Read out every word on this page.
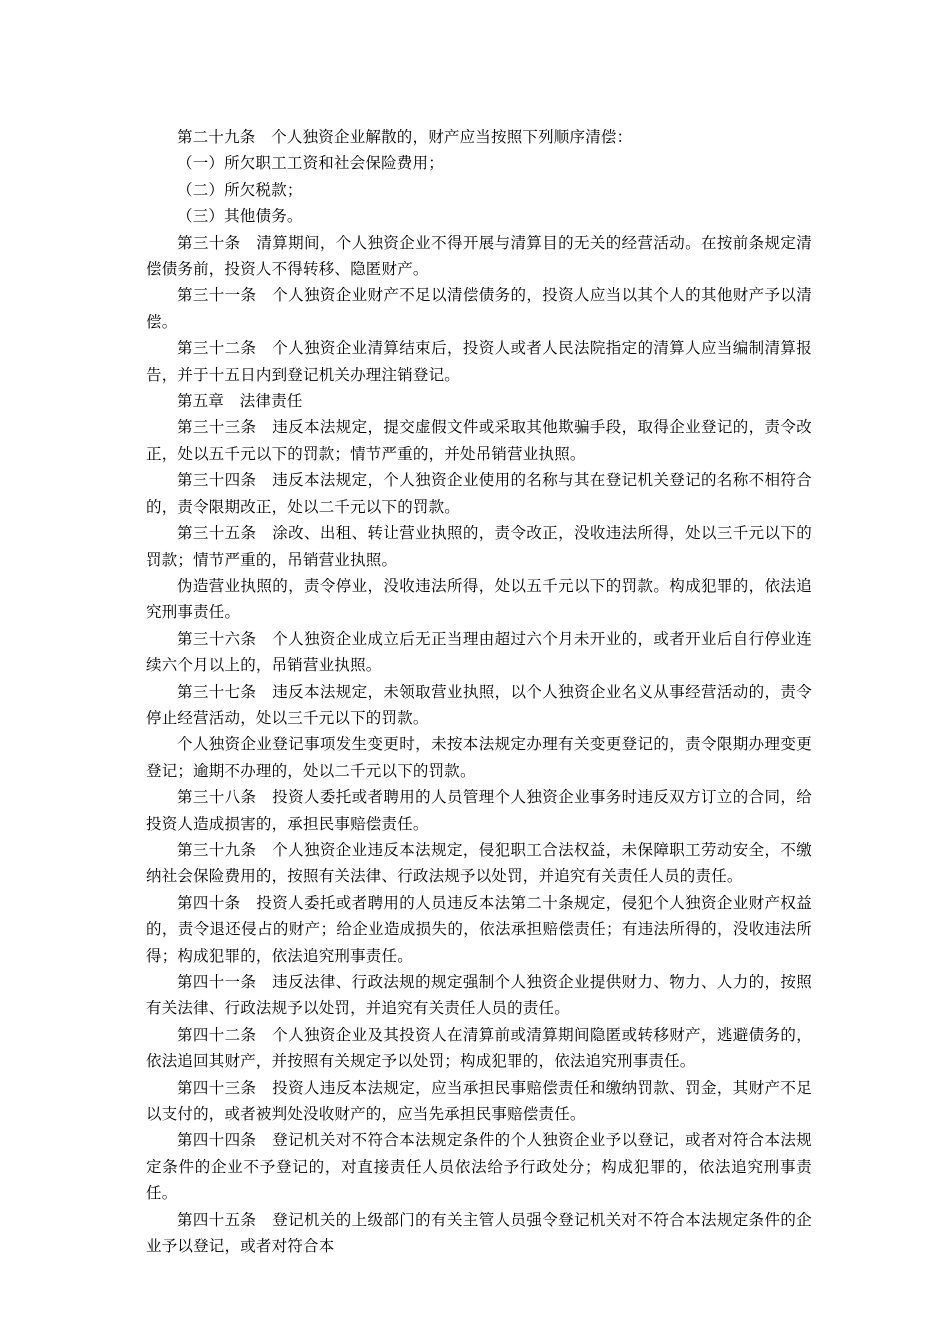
第二十九条　个人独资企业解散的，财产应当按照下列顺序清偿：

（一）所欠职工工资和社会保险费用；

（二）所欠税款；

（三）其他债务。

第三十条　清算期间，个人独资企业不得开展与清算目的无关的经营活动。在按前条规定清偿债务前，投资人不得转移、隐匿财产。

第三十一条　个人独资企业财产不足以清偿债务的，投资人应当以其个人的其他财产予以清偿。

第三十二条　个人独资企业清算结束后，投资人或者人民法院指定的清算人应当编制清算报告，并于十五日内到登记机关办理注销登记。

第五章　法律责任

第三十三条　违反本法规定，提交虚假文件或采取其他欺骗手段，取得企业登记的，责令改正，处以五千元以下的罚款；情节严重的，并处吊销营业执照。

第三十四条　违反本法规定，个人独资企业使用的名称与其在登记机关登记的名称不相符合的，责令限期改正，处以二千元以下的罚款。

第三十五条　涂改、出租、转让营业执照的，责令改正，没收违法所得，处以三千元以下的罚款；情节严重的，吊销营业执照。

伪造营业执照的，责令停业，没收违法所得，处以五千元以下的罚款。构成犯罪的，依法追究刑事责任。

第三十六条　个人独资企业成立后无正当理由超过六个月未开业的，或者开业后自行停业连续六个月以上的，吊销营业执照。

第三十七条　违反本法规定，未领取营业执照，以个人独资企业名义从事经营活动的，责令停止经营活动，处以三千元以下的罚款。

个人独资企业登记事项发生变更时，未按本法规定办理有关变更登记的，责令限期办理变更登记；逾期不办理的，处以二千元以下的罚款。

第三十八条　投资人委托或者聘用的人员管理个人独资企业事务时违反双方订立的合同，给投资人造成损害的，承担民事赔偿责任。

第三十九条　个人独资企业违反本法规定，侵犯职工合法权益，未保障职工劳动安全，不缴纳社会保险费用的，按照有关法律、行政法规予以处罚，并追究有关责任人员的责任。

第四十条　投资人委托或者聘用的人员违反本法第二十条规定，侵犯个人独资企业财产权益的，责令退还侵占的财产；给企业造成损失的，依法承担赔偿责任；有违法所得的，没收违法所得；构成犯罪的，依法追究刑事责任。

第四十一条　违反法律、行政法规的规定强制个人独资企业提供财力、物力、人力的，按照有关法律、行政法规予以处罚，并追究有关责任人员的责任。

第四十二条　个人独资企业及其投资人在清算前或清算期间隐匿或转移财产，逃避债务的，依法追回其财产，并按照有关规定予以处罚；构成犯罪的，依法追究刑事责任。

第四十三条　投资人违反本法规定，应当承担民事赔偿责任和缴纳罚款、罚金，其财产不足以支付的，或者被判处没收财产的，应当先承担民事赔偿责任。

第四十四条　登记机关对不符合本法规定条件的个人独资企业予以登记，或者对符合本法规定条件的企业不予登记的，对直接责任人员依法给予行政处分；构成犯罪的，依法追究刑事责任。

第四十五条　登记机关的上级部门的有关主管人员强令登记机关对不符合本法规定条件的企业予以登记，或者对符合本
